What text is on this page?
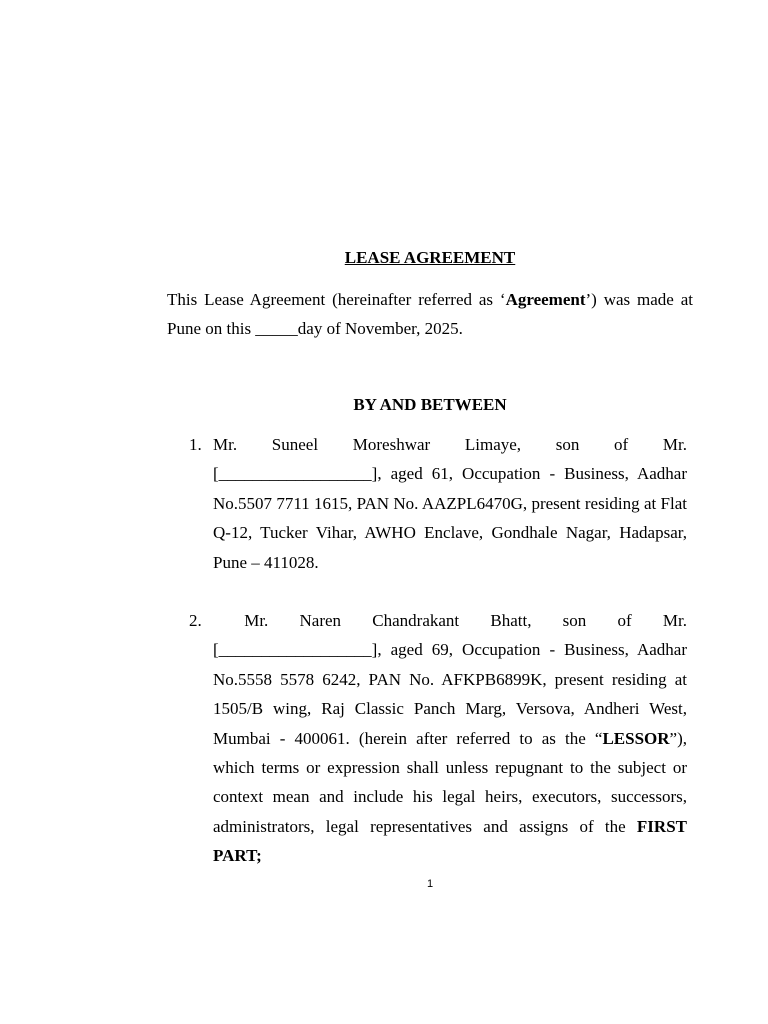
LEASE AGREEMENT
This Lease Agreement (hereinafter referred as ‘Agreement’) was made at Pune on this _____day of November, 2025.
BY AND BETWEEN
1. Mr. Suneel Moreshwar Limaye, son of Mr.
[__________________], aged 61, Occupation - Business, Aadhar No.5507 7711 1615, PAN No. AAZPL6470G, present residing at Flat Q-12, Tucker Vihar, AWHO Enclave, Gondhale Nagar, Hadapsar, Pune – 411028.
2. Mr. Naren Chandrakant Bhatt, son of Mr.
[__________________], aged 69, Occupation - Business, Aadhar No.5558 5578 6242, PAN No. AFKPB6899K, present residing at 1505/B wing, Raj Classic Panch Marg, Versova, Andheri West, Mumbai - 400061. (herein after referred to as the “LESSOR”), which terms or expression shall unless repugnant to the subject or context mean and include his legal heirs, executors, successors, administrators, legal representatives and assigns of the FIRST PART;
1
